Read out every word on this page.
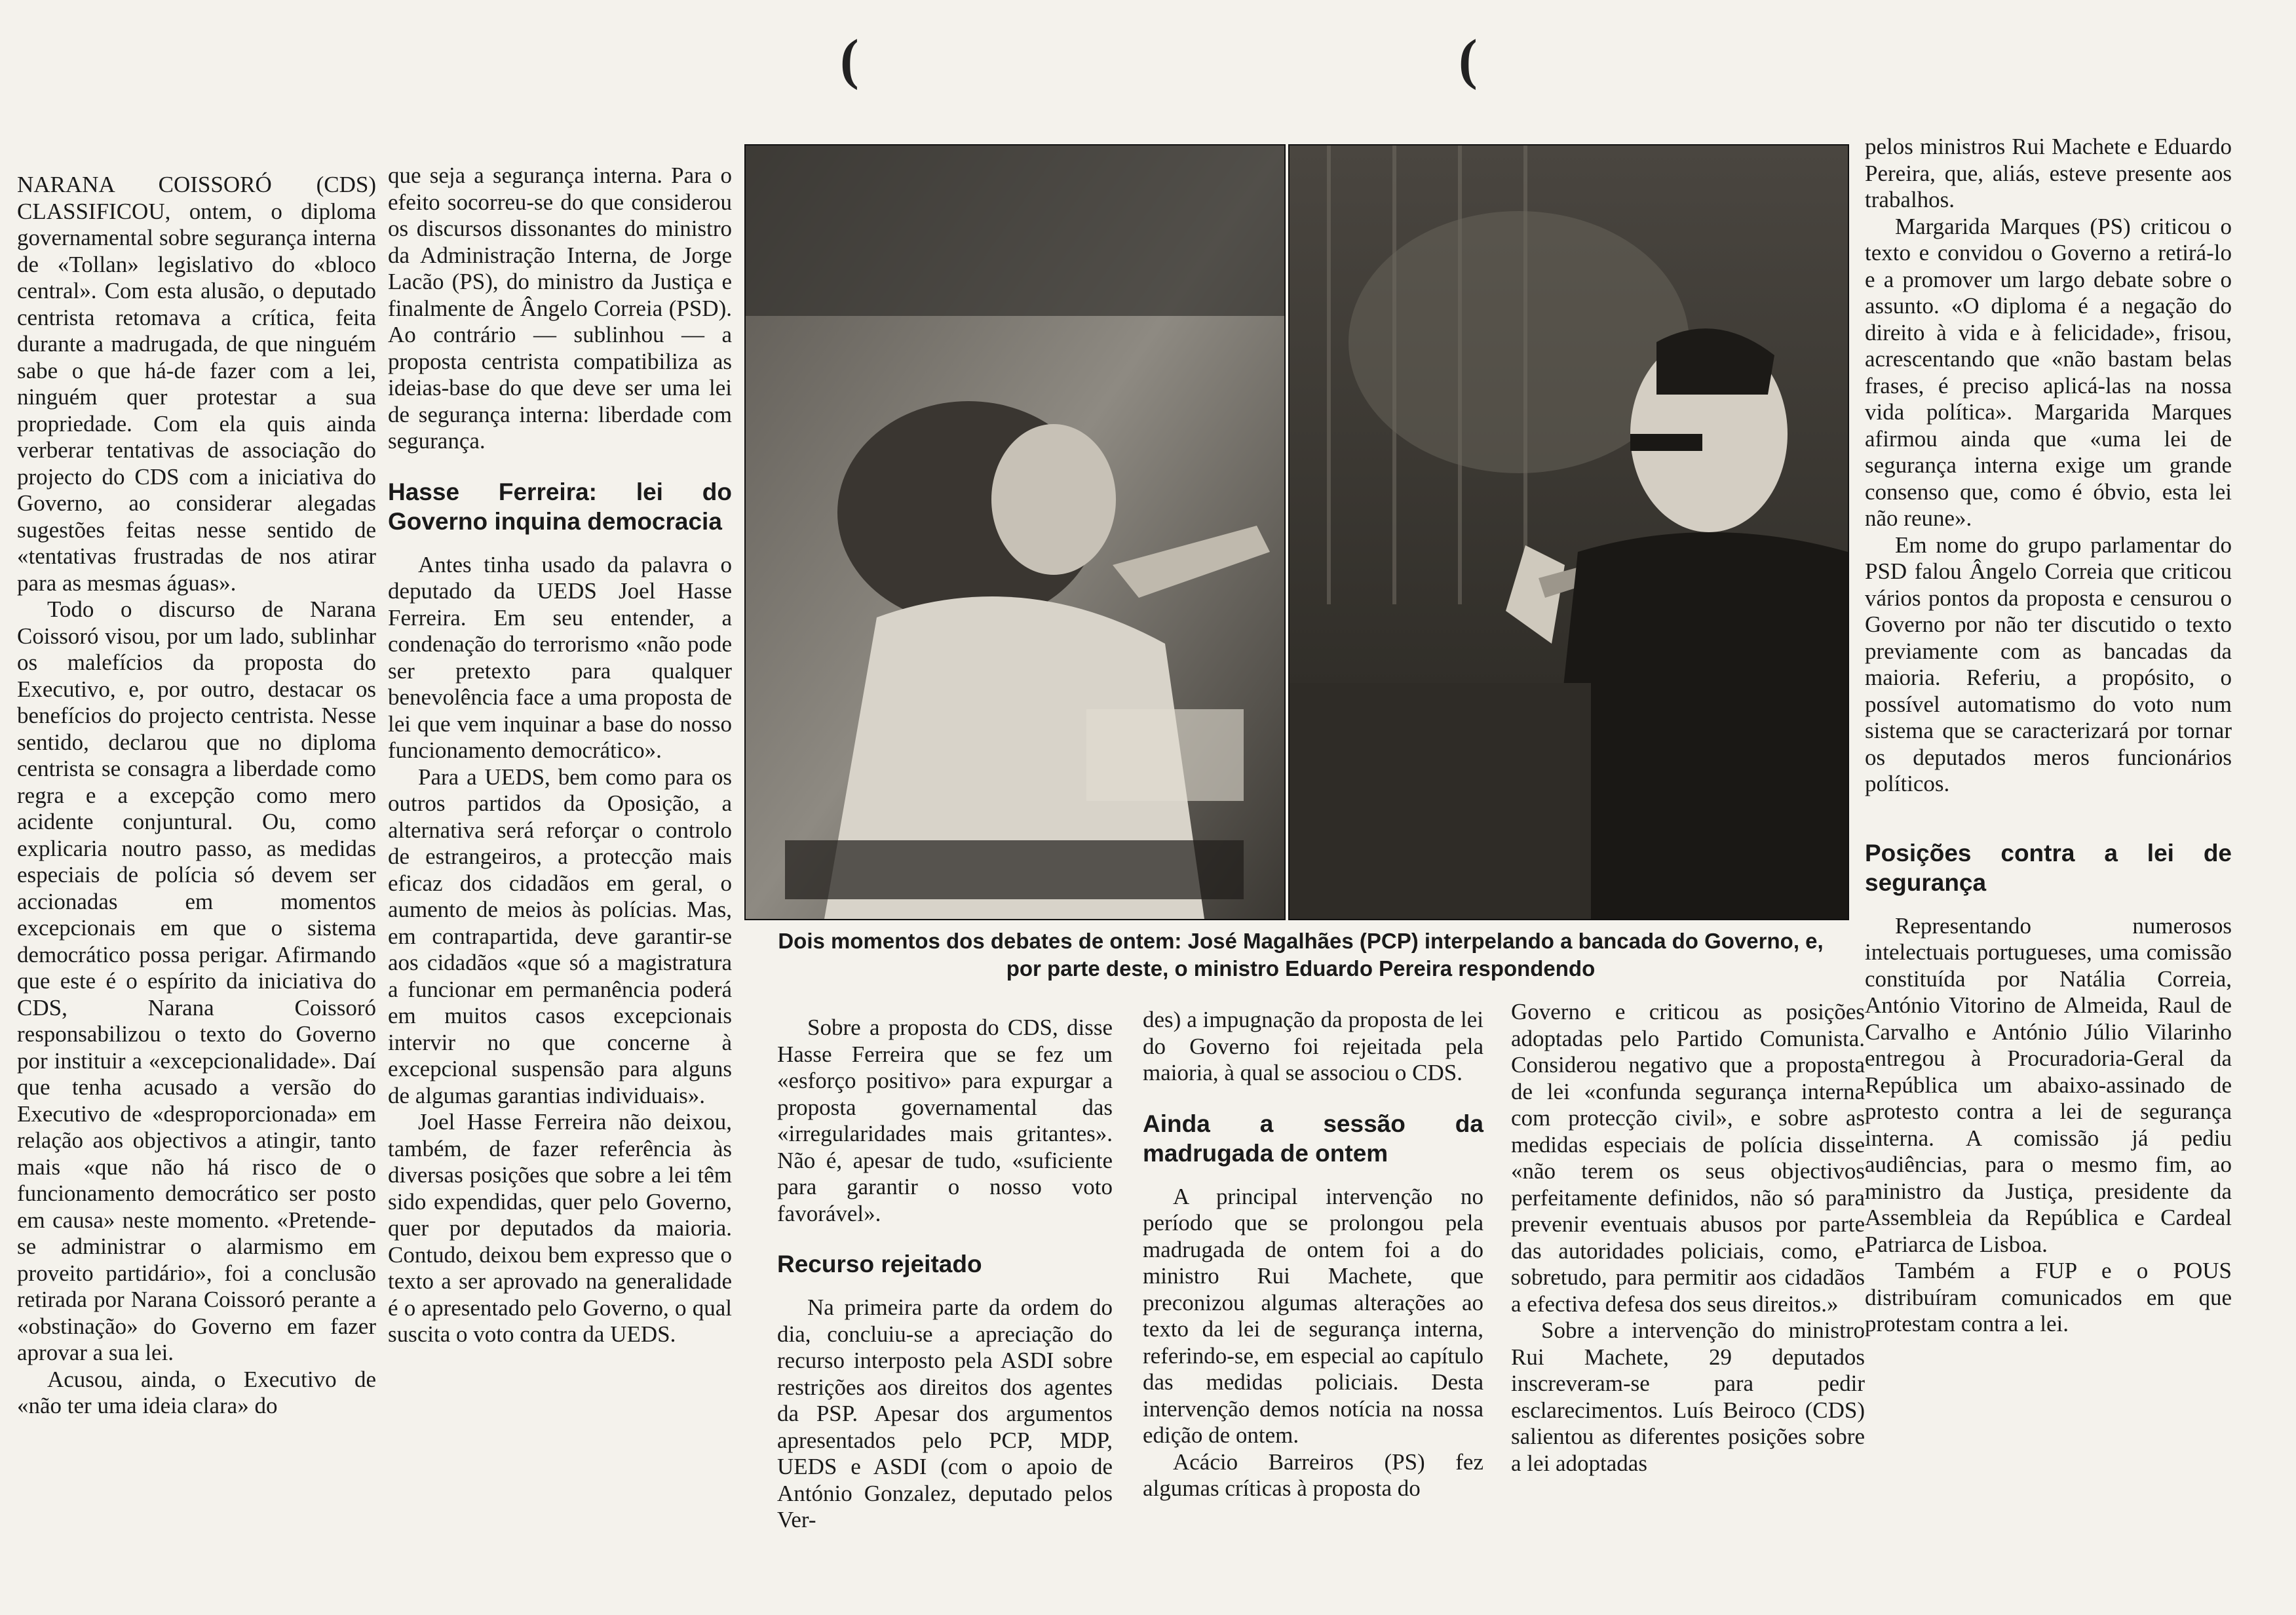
(	(

NARANA COISSORÓ (CDS) CLASSIFICOU, ontem, o diploma governamental sobre segurança interna de «Tollan» legislativo do «bloco central». Com esta alusão, o deputado centrista retomava a crítica, feita durante a madrugada, de que ninguém sabe o que há-de fazer com a lei, ninguém quer protestar a sua propriedade. Com ela quis ainda verberar tentativas de associação do projecto do CDS com a iniciativa do Governo, ao considerar alegadas sugestões feitas nesse sentido de «tentativas frustradas de nos atirar para as mesmas águas».

Todo o discurso de Narana Coissoró visou, por um lado, sublinhar os malefícios da proposta do Executivo, e, por outro, destacar os benefícios do projecto centrista. Nesse sentido, declarou que no diploma centrista se consagra a liberdade como regra e a excepção como mero acidente conjuntural. Ou, como explicaria noutro passo, as medidas especiais de polícia só devem ser accionadas em momentos excepcionais em que o sistema democrático possa perigar. Afirmando que este é o espírito da iniciativa do CDS, Narana Coissoró responsabilizou o texto do Governo por instituir a «excepcionalidade». Daí que tenha acusado a versão do Executivo de «desproporcionada» em relação aos objectivos a atingir, tanto mais «que não há risco de o funcionamento democrático ser posto em causa» neste momento. «Pretende-se administrar o alarmismo em proveito partidário», foi a conclusão retirada por Narana Coissoró perante a «obstinação» do Governo em fazer aprovar a sua lei.

Acusou, ainda, o Executivo de «não ter uma ideia clara» do

que seja a segurança interna. Para o efeito socorreu-se do que considerou os discursos dissonantes do ministro da Administração Interna, de Jorge Lacão (PS), do ministro da Justiça e finalmente de Ângelo Correia (PSD). Ao contrário — sublinhou — a proposta centrista compatibiliza as ideias-base do que deve ser uma lei de segurança interna: liberdade com segurança.

Hasse Ferreira: lei do Governo inquina democracia

Antes tinha usado da palavra o deputado da UEDS Joel Hasse Ferreira. Em seu entender, a condenação do terrorismo «não pode ser pretexto para qualquer benevolência face a uma proposta de lei que vem inquinar a base do nosso funcionamento democrático».

Para a UEDS, bem como para os outros partidos da Oposição, a alternativa será reforçar o controlo de estrangeiros, a protecção mais eficaz dos cidadãos em geral, o aumento de meios às polícias. Mas, em contrapartida, deve garantir-se aos cidadãos «que só a magistratura a funcionar em permanência poderá em muitos casos excepcionais intervir no que concerne à excepcional suspensão para alguns de algumas garantias individuais».

Joel Hasse Ferreira não deixou, também, de fazer referência às diversas posições que sobre a lei têm sido expendidas, quer pelo Governo, quer por deputados da maioria. Contudo, deixou bem expresso que o texto a ser aprovado na generalidade é o apresentado pelo Governo, o qual suscita o voto contra da UEDS.

Dois momentos dos debates de ontem: José Magalhães (PCP) interpelando a bancada do Governo, e, por parte deste, o ministro Eduardo Pereira respondendo

Sobre a proposta do CDS, disse Hasse Ferreira que se fez um «esforço positivo» para expurgar a proposta governamental das «irregularidades mais gritantes». Não é, apesar de tudo, «suficiente para garantir o nosso voto favorável».

Recurso rejeitado

Na primeira parte da ordem do dia, concluiu-se a apreciação do recurso interposto pela ASDI sobre restrições aos direitos dos agentes da PSP. Apesar dos argumentos apresentados pelo PCP, MDP, UEDS e ASDI (com o apoio de António Gonzalez, deputado pelos Ver-

des) a impugnação da proposta de lei do Governo foi rejeitada pela maioria, à qual se associou o CDS.

Ainda a sessão da madrugada de ontem

A principal intervenção no período que se prolongou pela madrugada de ontem foi a do ministro Rui Machete, que preconizou algumas alterações ao texto da lei de segurança interna, referindo-se, em especial ao capítulo das medidas policiais. Desta intervenção demos notícia na nossa edição de ontem.

Acácio Barreiros (PS) fez algumas críticas à proposta do

Governo e criticou as posições adoptadas pelo Partido Comunista. Considerou negativo que a proposta de lei «confunda segurança interna com protecção civil», e sobre as medidas especiais de polícia disse «não terem os seus objectivos perfeitamente definidos, não só para prevenir eventuais abusos por parte das autoridades policiais, como, e sobretudo, para permitir aos cidadãos a efectiva defesa dos seus direitos.»

Sobre a intervenção do ministro Rui Machete, 29 deputados inscreveram-se para pedir esclarecimentos. Luís Beiroco (CDS) salientou as diferentes posições sobre a lei adoptadas

pelos ministros Rui Machete e Eduardo Pereira, que, aliás, esteve presente aos trabalhos.

Margarida Marques (PS) criticou o texto e convidou o Governo a retirá-lo e a promover um largo debate sobre o assunto. «O diploma é a negação do direito à vida e à felicidade», frisou, acrescentando que «não bastam belas frases, é preciso aplicá-las na nossa vida política». Margarida Marques afirmou ainda que «uma lei de segurança interna exige um grande consenso que, como é óbvio, esta lei não reune».

Em nome do grupo parlamentar do PSD falou Ângelo Correia que criticou vários pontos da proposta e censurou o Governo por não ter discutido o texto previamente com as bancadas da maioria. Referiu, a propósito, o possível automatismo do voto num sistema que se caracterizará por tornar os deputados meros funcionários políticos.

Posições contra a lei de segurança

Representando numerosos intelectuais portugueses, uma comissão constituída por Natália Correia, António Vitorino de Almeida, Raul de Carvalho e António Júlio Vilarinho entregou à Procuradoria-Geral da República um abaixo-assinado de protesto contra a lei de segurança interna. A comissão já pediu audiências, para o mesmo fim, ao ministro da Justiça, presidente da Assembleia da República e Cardeal Patriarca de Lisboa.

Também a FUP e o POUS distribuíram comunicados em que protestam contra a lei.
